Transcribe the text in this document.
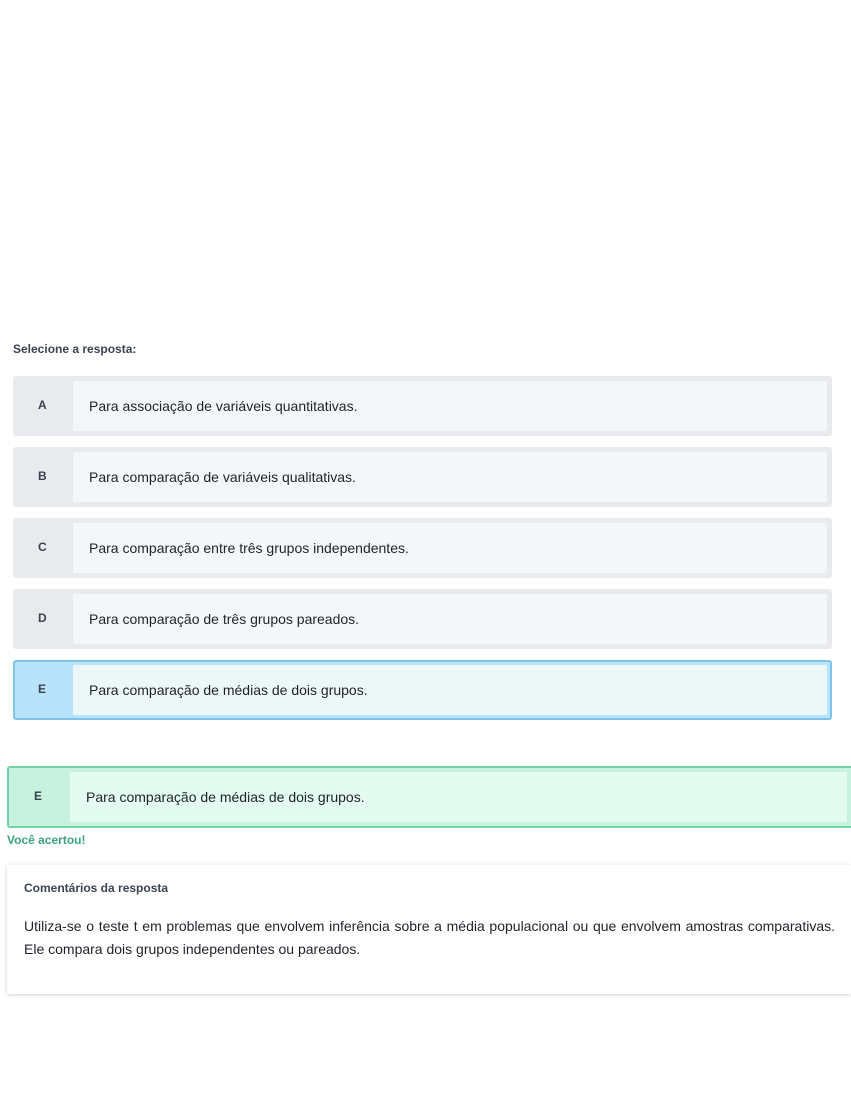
Selecione a resposta:
A	Para associação de variáveis quantitativas.
B	Para comparação de variáveis qualitativas.
C	Para comparação entre três grupos independentes.
D	Para comparação de três grupos pareados.
E	Para comparação de médias de dois grupos.
E	Para comparação de médias de dois grupos.
Você acertou!
Comentários da resposta
Utiliza-se o teste t em problemas que envolvem inferência sobre a média populacional ou que envolvem amostras comparativas. Ele compara dois grupos independentes ou pareados.
